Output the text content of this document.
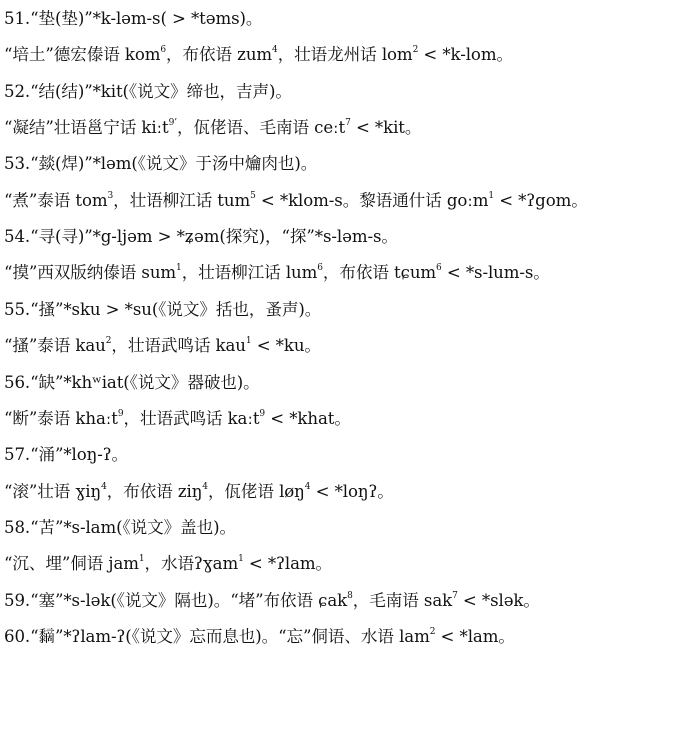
51.“垫(垫)”*k-ləm-s( > *təms)。
“培土”德宏傣语 kom$^6$，布依语 zum$^4$，壮语龙州话 lom$^2$ < *k-lom。
52.“结(结)”*kit(《说文》缔也，吉声)。
“凝结”壮语邕宁话 kiːt$^{9’}$，佤佬语、毛南语 ceːt$^7$ < *kit。
53.“燅(焊)”*ləm(《说文》于汤中爚肉也)。
“煮”泰语 tom$^3$，壮语柳江话 tum$^5$ < *klom-s。黎语通什话 goːm$^1$ < *ʔgom。
54.“寻(寻)”*g-ljəm > *ʑəm(探究)，“探”*s-ləm-s。
“摸”西双版纳傣语 sum$^1$，壮语柳江话 lum$^6$，布依语 tɕum$^6$ < *s-lum-s。
55.“搔”*sku > *su(《说文》括也，蚤声)。
“搔”泰语 kau$^2$，壮语武鸣话 kau$^1$ < *ku。
56.“缺”*khʷiat(《说文》器破也)。
“断”泰语 khaːt$^9$，壮语武鸣话 kaːt$^9$ < *khat。
57.“涌”*loŋ-ʔ。
“滚”壮语 ɣiŋ$^4$，布依语 ziŋ$^4$，佤佬语 løŋ$^4$ < *loŋʔ。
58.“苫”*s-lam(《说文》盖也)。
“沉、埋”侗语 jam$^1$，水语ʔɣam$^1$ < *ʔlam。
59.“塞”*s-lək(《说文》隔也)。“堵”布依语 ɕak$^8$，毛南语 sak$^7$ < *slək。
60.“𪐏”*ʔlam-ʔ(《说文》忘而息也)。“忘”侗语、水语 lam$^2$ < *lam。
